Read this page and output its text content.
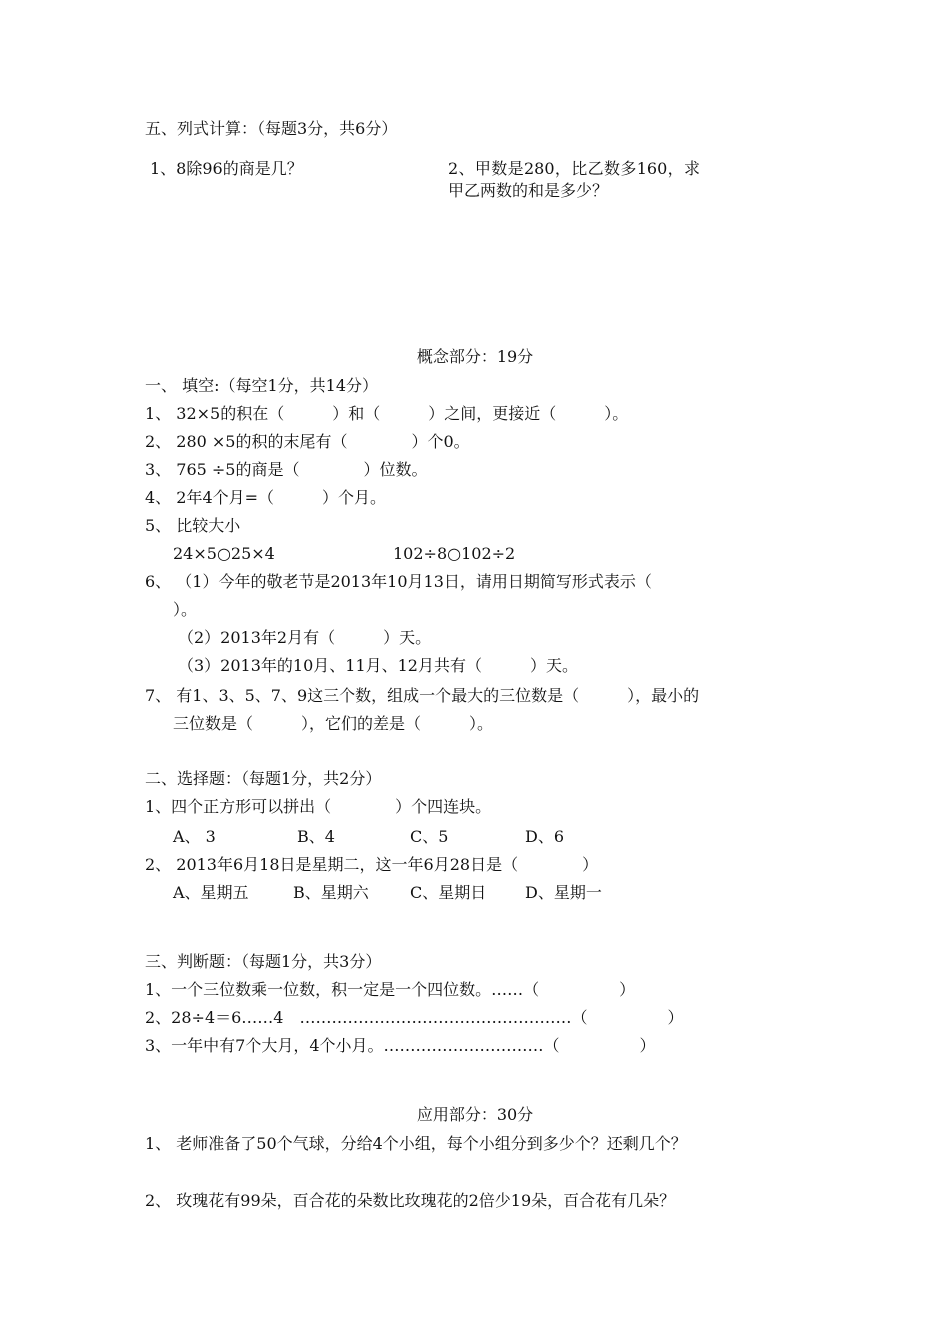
五、列式计算：（每题3分，共6分）
1、8除96的商是几？	2、甲数是280，比乙数多160，求甲乙两数的和是多少？
概念部分：19分
一、 填空:（每空1分，共14分）
1、 32×5的积在（　　　）和（　　　）之间，更接近（　　　）。
2、 280 ×5的积的末尾有（　　　　）个0。
3、 765 ÷5的商是（　　　　）位数。
4、 2年4个月=（　　　）个月。
5、 比较大小
24×5○25×4	102÷8○102÷2
6、 （1）今年的敬老节是2013年10月13日，请用日期简写形式表示（
）。
（2）2013年2月有（　　　）天。
（3）2013年的10月、11月、12月共有（　　　）天。
7、 有1、3、5、7、9这三个数，组成一个最大的三位数是（　　　），最小的
三位数是（　　　），它们的差是（　　　）。
二、选择题：（每题1分，共2分）
1、四个正方形可以拼出（　　　　）个四连块。
A、 3	B、4	C、5	D、6
2、 2013年6月18日是星期二，这一年6月28日是（　　　　）
A、星期五	B、星期六	C、星期日 D、星期一
三、判断题：（每题1分，共3分）
1、一个三位数乘一位数，积一定是一个四位数。……（　　　　　）
2、28÷4＝6……4　……………………………………………（　　　　　）
3、一年中有7个大月，4个小月。…………………………（　　　　　）
应用部分：30分
1、 老师准备了50个气球，分给4个小组，每个小组分到多少个？还剩几个？
2、 玫瑰花有99朵，百合花的朵数比玫瑰花的2倍少19朵，百合花有几朵？
